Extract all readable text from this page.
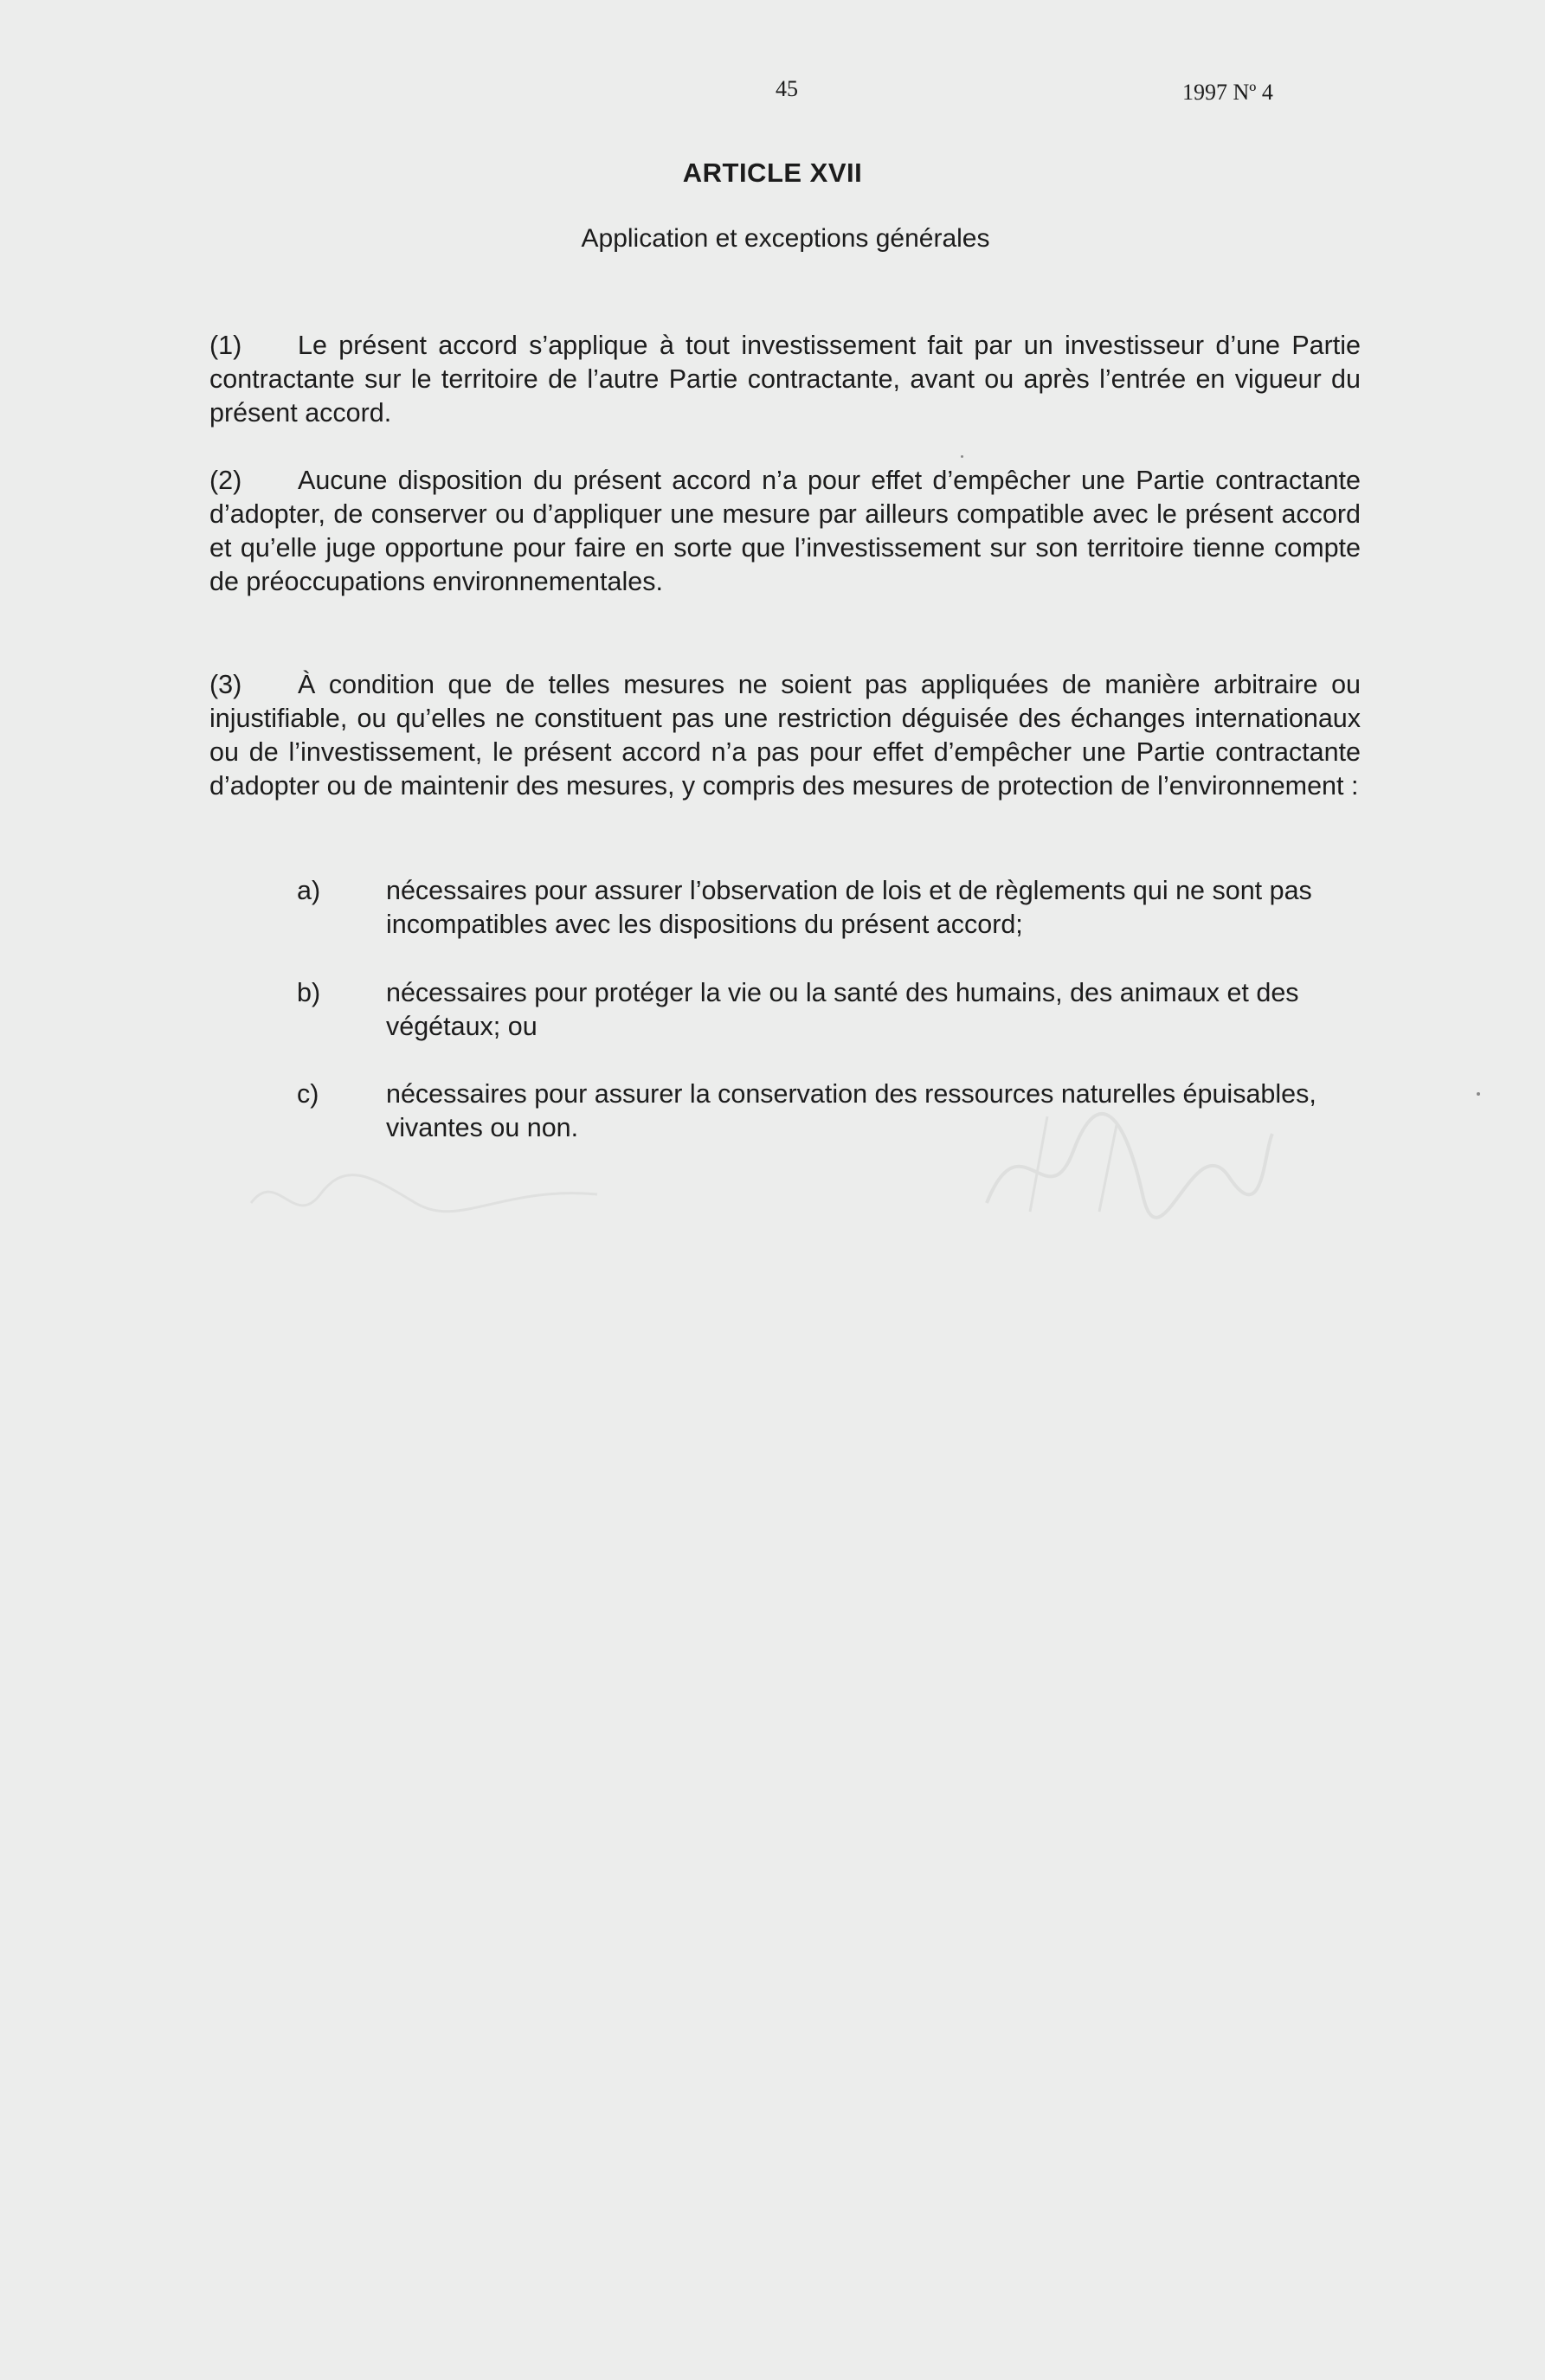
45	1997 Nº 4
ARTICLE XVII
Application et exceptions générales
(1) Le présent accord s’applique à tout investissement fait par un investisseur d’une Partie contractante sur le territoire de l’autre Partie contractante, avant ou après l’entrée en vigueur du présent accord.
(2) Aucune disposition du présent accord n’a pour effet d’empêcher une Partie contractante d’adopter, de conserver ou d’appliquer une mesure par ailleurs compatible avec le présent accord et qu’elle juge opportune pour faire en sorte que l’investissement sur son territoire tienne compte de préoccupations environnementales.
(3) À condition que de telles mesures ne soient pas appliquées de manière arbitraire ou injustifiable, ou qu’elles ne constituent pas une restriction déguisée des échanges internationaux ou de l’investissement, le présent accord n’a pas pour effet d’empêcher une Partie contractante d’adopter ou de maintenir des mesures, y compris des mesures de protection de l’environnement :
a) nécessaires pour assurer l’observation de lois et de règlements qui ne sont pas incompatibles avec les dispositions du présent accord;
b) nécessaires pour protéger la vie ou la santé des humains, des animaux et des végétaux; ou
c)	nécessaires pour assurer la conservation des ressources naturelles épuisables, vivantes ou non.
